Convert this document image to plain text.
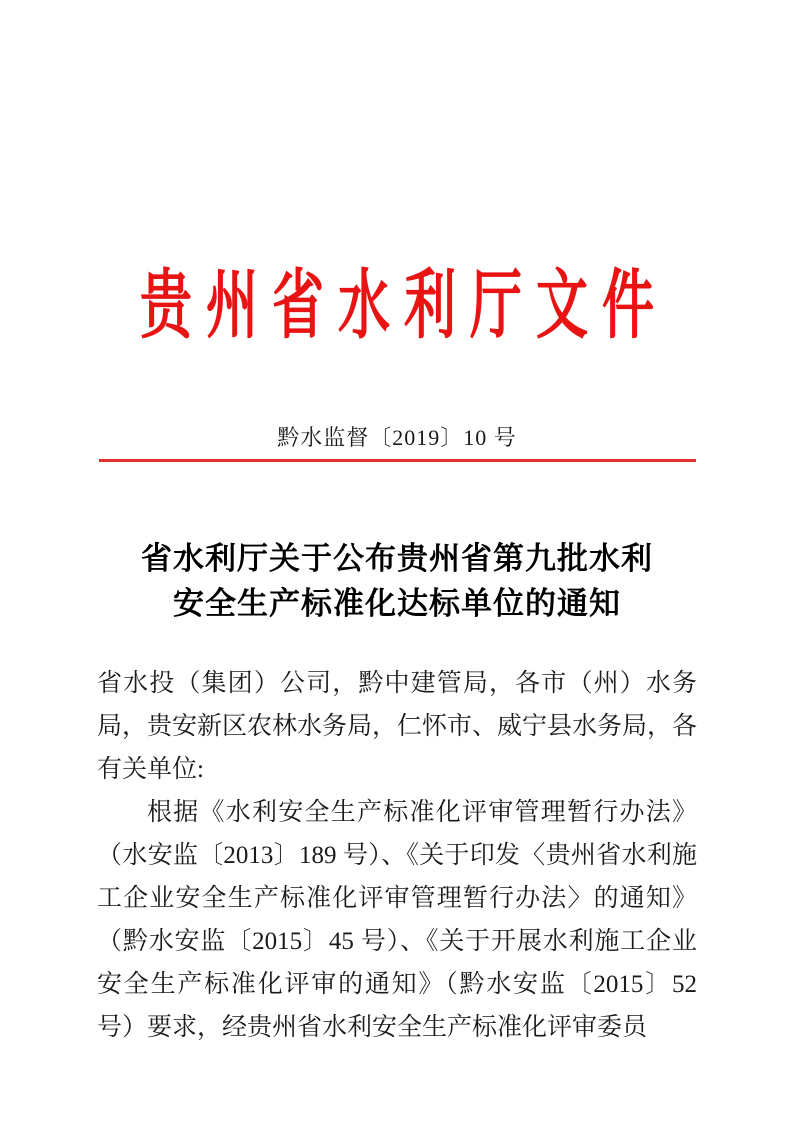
贵州省水利厅文件
黔水监督〔2019〕10 号
省水利厅关于公布贵州省第九批水利
安全生产标准化达标单位的通知

省水投（集团）公司，黔中建管局，各市（州）水务局，贵安新区农林水务局，仁怀市、威宁县水务局，各有关单位:

根据《水利安全生产标准化评审管理暂行办法》（水安监〔2013〕189 号）、《关于印发〈贵州省水利施工企业安全生产标准化评审管理暂行办法〉的通知》（黔水安监〔2015〕45 号）、《关于开展水利施工企业安全生产标准化评审的通知》（黔水安监〔2015〕52 号）要求，经贵州省水利安全生产标准化评审委员
